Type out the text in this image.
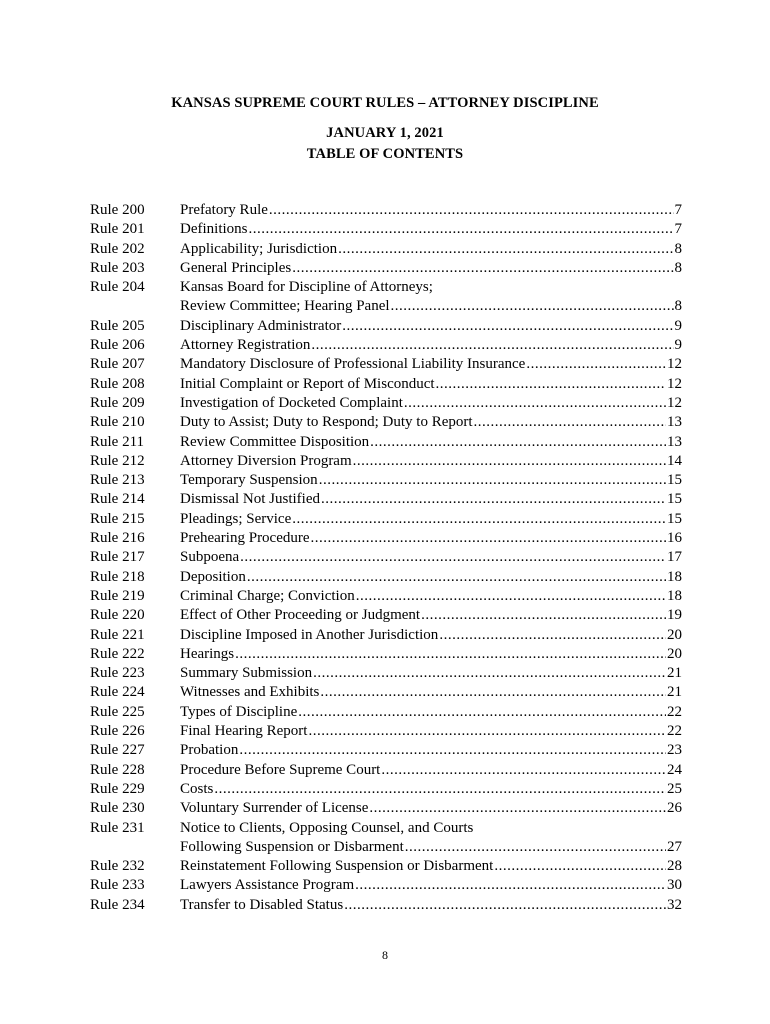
KANSAS SUPREME COURT RULES – ATTORNEY DISCIPLINE
JANUARY 1, 2021
TABLE OF CONTENTS
Rule 200	Prefatory Rule .....	7
Rule 201	Definitions .....	7
Rule 202	Applicability; Jurisdiction .....	8
Rule 203	General Principles .....	8
Rule 204	Kansas Board for Discipline of Attorneys;
Review Committee; Hearing Panel .....	8
Rule 205	Disciplinary Administrator .....	9
Rule 206	Attorney Registration .....	9
Rule 207	Mandatory Disclosure of Professional Liability Insurance .....	12
Rule 208	Initial Complaint or Report of Misconduct .....	12
Rule 209	Investigation of Docketed Complaint .....	12
Rule 210	Duty to Assist; Duty to Respond; Duty to Report .....	13
Rule 211	Review Committee Disposition .....	13
Rule 212	Attorney Diversion Program .....	14
Rule 213	Temporary Suspension .....	15
Rule 214	Dismissal Not Justified .....	15
Rule 215	Pleadings; Service .....	15
Rule 216	Prehearing Procedure .....	16
Rule 217	Subpoena .....	17
Rule 218	Deposition .....	18
Rule 219	Criminal Charge; Conviction .....	18
Rule 220	Effect of Other Proceeding or Judgment .....	19
Rule 221	Discipline Imposed in Another Jurisdiction .....	20
Rule 222	Hearings .....	20
Rule 223	Summary Submission .....	21
Rule 224	Witnesses and Exhibits .....	21
Rule 225	Types of Discipline .....	22
Rule 226	Final Hearing Report .....	22
Rule 227	Probation .....	23
Rule 228	Procedure Before Supreme Court .....	24
Rule 229	Costs .....	25
Rule 230	Voluntary Surrender of License .....	26
Rule 231	Notice to Clients, Opposing Counsel, and Courts
Following Suspension or Disbarment .....	27
Rule 232	Reinstatement Following Suspension or Disbarment .....	28
Rule 233	Lawyers Assistance Program .....	30
Rule 234	Transfer to Disabled Status .....	32
8
